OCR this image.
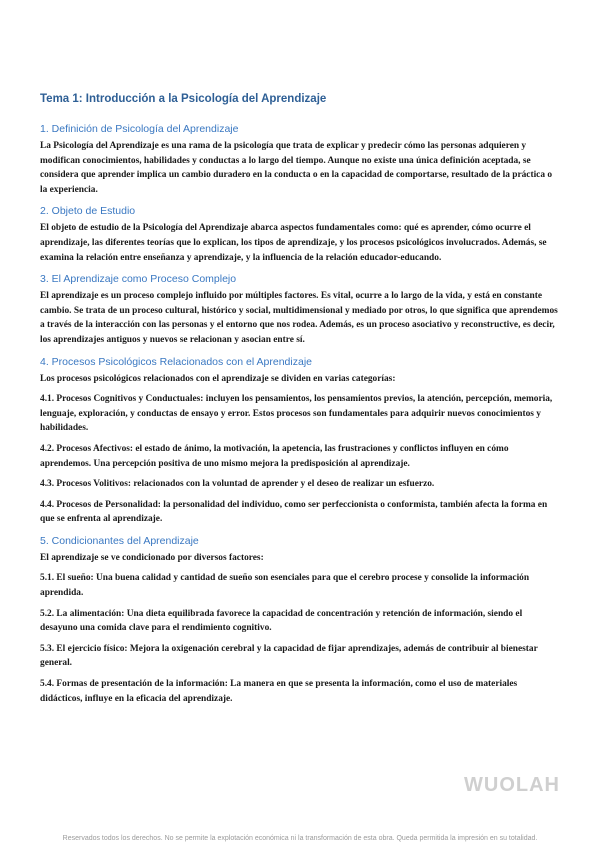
Tema 1: Introducción a la Psicología del Aprendizaje
1. Definición de Psicología del Aprendizaje

La Psicología del Aprendizaje es una rama de la psicología que trata de explicar y predecir cómo las personas adquieren y modifican conocimientos, habilidades y conductas a lo largo del tiempo. Aunque no existe una única definición aceptada, se considera que aprender implica un cambio duradero en la conducta o en la capacidad de comportarse, resultado de la práctica o la experiencia.

2. Objeto de Estudio

El objeto de estudio de la Psicología del Aprendizaje abarca aspectos fundamentales como: qué es aprender, cómo ocurre el aprendizaje, las diferentes teorías que lo explican, los tipos de aprendizaje, y los procesos psicológicos involucrados. Además, se examina la relación entre enseñanza y aprendizaje, y la influencia de la relación educador-educando.

3. El Aprendizaje como Proceso Complejo

El aprendizaje es un proceso complejo influido por múltiples factores. Es vital, ocurre a lo largo de la vida, y está en constante cambio. Se trata de un proceso cultural, histórico y social, multidimensional y mediado por otros, lo que significa que aprendemos a través de la interacción con las personas y el entorno que nos rodea. Además, es un proceso asociativo y reconstructive, es decir, los aprendizajes antiguos y nuevos se relacionan y asocian entre sí.

4. Procesos Psicológicos Relacionados con el Aprendizaje

Los procesos psicológicos relacionados con el aprendizaje se dividen en varias categorías:

4.1. Procesos Cognitivos y Conductuales: incluyen los pensamientos, los pensamientos previos, la atención, percepción, memoria, lenguaje, exploración, y conductas de ensayo y error. Estos procesos son fundamentales para adquirir nuevos conocimientos y habilidades.

4.2. Procesos Afectivos: el estado de ánimo, la motivación, la apetencia, las frustraciones y conflictos influyen en cómo aprendemos. Una percepción positiva de uno mismo mejora la predisposición al aprendizaje.

4.3. Procesos Volitivos: relacionados con la voluntad de aprender y el deseo de realizar un esfuerzo.

4.4. Procesos de Personalidad: la personalidad del individuo, como ser perfeccionista o conformista, también afecta la forma en que se enfrenta al aprendizaje.

5. Condicionantes del Aprendizaje

El aprendizaje se ve condicionado por diversos factores:

5.1. El sueño: Una buena calidad y cantidad de sueño son esenciales para que el cerebro procese y consolide la información aprendida.

5.2. La alimentación: Una dieta equilibrada favorece la capacidad de concentración y retención de información, siendo el desayuno una comida clave para el rendimiento cognitivo.

5.3. El ejercicio físico: Mejora la oxigenación cerebral y la capacidad de fijar aprendizajes, además de contribuir al bienestar general.

5.4. Formas de presentación de la información: La manera en que se presenta la información, como el uso de materiales didácticos, influye en la eficacia del aprendizaje.

WUOLAH
Reservados todos los derechos. No se permite la explotación económica ni la transformación de esta obra. Queda permitida la impresión en su totalidad.
